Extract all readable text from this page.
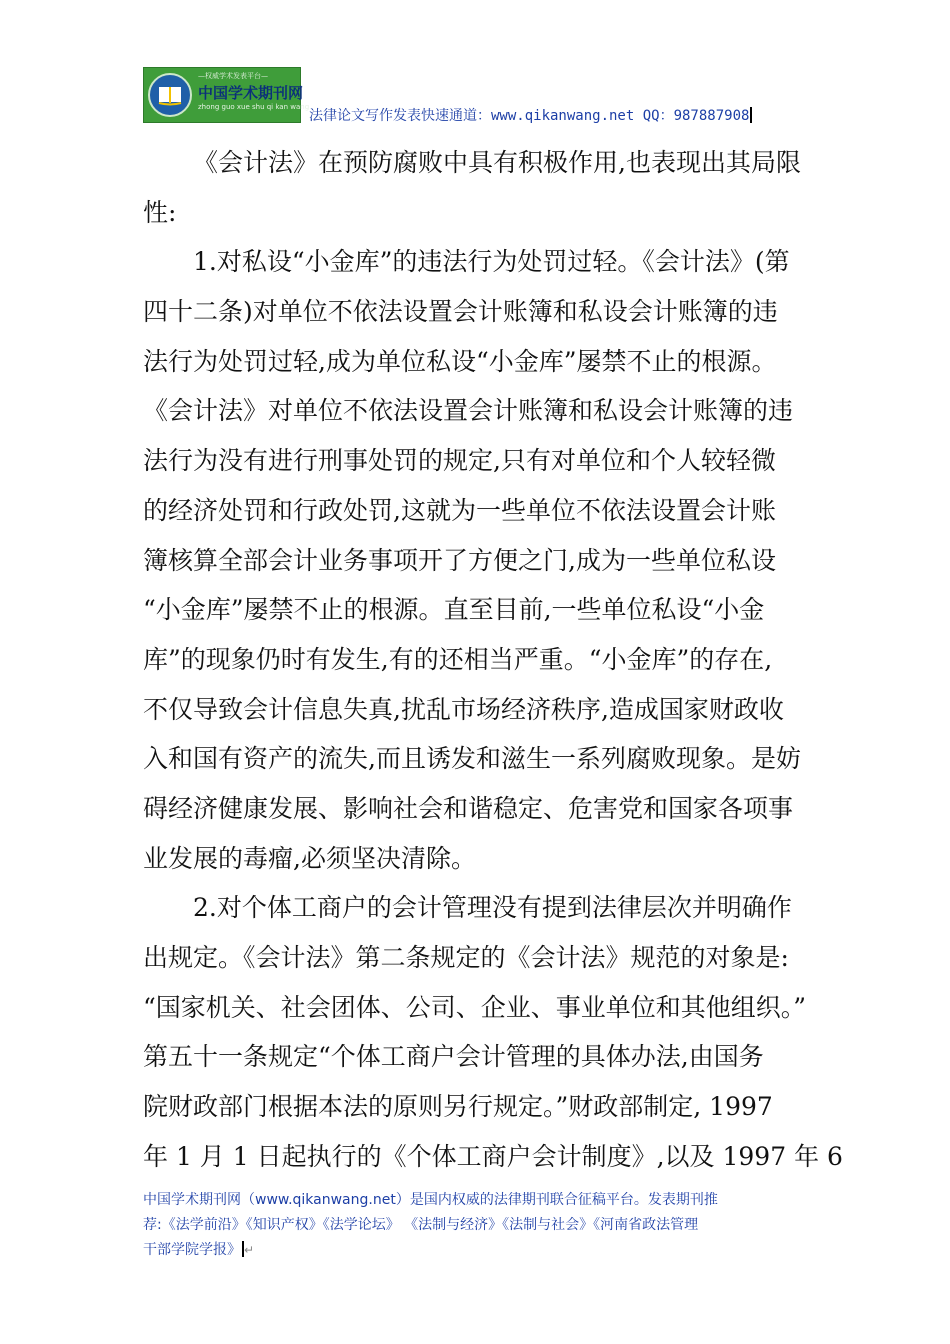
—权威学术发表平台—
中国学术期刊网
zhong guo xue shu qi kan wang
法律论文写作发表快速通道：www.qikanwang.net QQ：987887908
《会计法》在预防腐败中具有积极作用,也表现出其局限
性:
1.对私设“小金库”的违法行为处罚过轻。《会计法》(第
四十二条)对单位不依法设置会计账簿和私设会计账簿的违
法行为处罚过轻,成为单位私设“小金库”屡禁不止的根源。
《会计法》对单位不依法设置会计账簿和私设会计账簿的违
法行为没有进行刑事处罚的规定,只有对单位和个人较轻微
的经济处罚和行政处罚,这就为一些单位不依法设置会计账
簿核算全部会计业务事项开了方便之门,成为一些单位私设
“小金库”屡禁不止的根源。直至目前,一些单位私设“小金
库”的现象仍时有发生,有的还相当严重。“小金库”的存在,
不仅导致会计信息失真,扰乱市场经济秩序,造成国家财政收
入和国有资产的流失,而且诱发和滋生一系列腐败现象。是妨
碍经济健康发展、影响社会和谐稳定、危害党和国家各项事
业发展的毒瘤,必须坚决清除。
2.对个体工商户的会计管理没有提到法律层次并明确作
出规定。《会计法》第二条规定的《会计法》规范的对象是:
“国家机关、社会团体、公司、企业、事业单位和其他组织。”
第五十一条规定“个体工商户会计管理的具体办法,由国务
院财政部门根据本法的原则另行规定。”财政部制定, 1997
年 1 月 1 日起执行的《个体工商户会计制度》,以及 1997 年 6
中国学术期刊网（www.qikanwang.net）是国内权威的法律期刊联合征稿平台。发表期刊推
荐:《法学前沿》《知识产权》《法学论坛》 《法制与经济》《法制与社会》《河南省政法管理
干部学院学报》 ↵
